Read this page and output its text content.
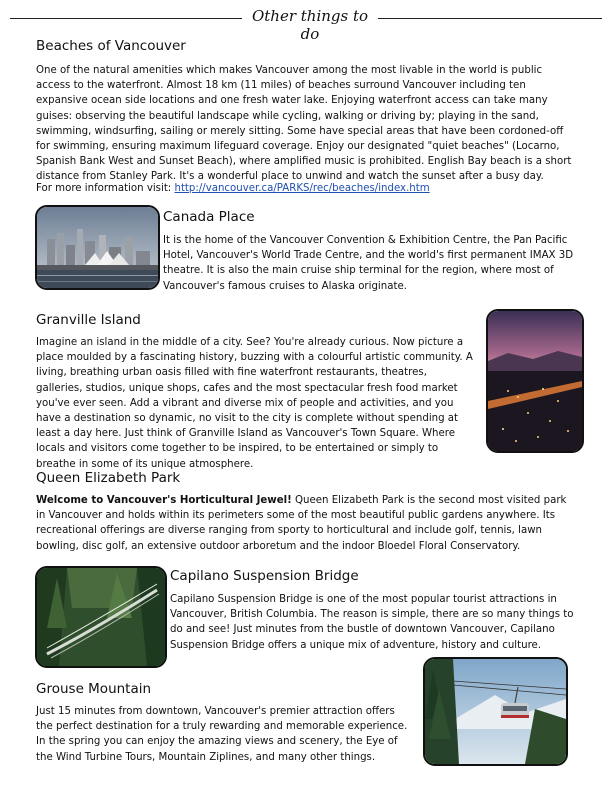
Other things to do
Beaches of Vancouver

One of the natural amenities which makes Vancouver among the most livable in the world is public access to the waterfront. Almost 18 km (11 miles) of beaches surround Vancouver including ten expansive ocean side locations and one fresh water lake. Enjoying waterfront access can take many guises: observing the beautiful landscape while cycling, walking or driving by; playing in the sand, swimming, windsurfing, sailing or merely sitting. Some have special areas that have been cordoned-off for swimming, ensuring maximum lifeguard coverage. Enjoy our designated "quiet beaches" (Locarno, Spanish Bank West and Sunset Beach), where amplified music is prohibited. English Bay beach is a short distance from Stanley Park. It's a wonderful place to unwind and watch the sunset after a busy day.

For more information visit: http://vancouver.ca/PARKS/rec/beaches/index.htm

Canada Place

It is the home of the Vancouver Convention & Exhibition Centre, the Pan Pacific Hotel, Vancouver's World Trade Centre, and the world's first permanent IMAX 3D theatre. It is also the main cruise ship terminal for the region, where most of Vancouver's famous cruises to Alaska originate.

Granville Island

Imagine an island in the middle of a city. See? You're already curious. Now picture a place moulded by a fascinating history, buzzing with a colourful artistic community. A living, breathing urban oasis filled with fine waterfront restaurants, theatres, galleries, studios, unique shops, cafes and the most spectacular fresh food market you've ever seen. Add a vibrant and diverse mix of people and activities, and you have a destination so dynamic, no visit to the city is complete without spending at least a day here. Just think of Granville Island as Vancouver's Town Square. Where locals and visitors come together to be inspired, to be entertained or simply to breathe in some of its unique atmosphere.

Queen Elizabeth Park

Welcome to Vancouver's Horticultural Jewel! Queen Elizabeth Park is the second most visited park in Vancouver and holds within its perimeters some of the most beautiful public gardens anywhere. Its recreational offerings are diverse ranging from sporty to horticultural and include golf, tennis, lawn bowling, disc golf, an extensive outdoor arboretum and the indoor Bloedel Floral Conservatory.

Capilano Suspension Bridge

Capilano Suspension Bridge is one of the most popular tourist attractions in Vancouver, British Columbia. The reason is simple, there are so many things to do and see! Just minutes from the bustle of downtown Vancouver, Capilano Suspension Bridge offers a unique mix of adventure, history and culture.

Grouse Mountain

Just 15 minutes from downtown, Vancouver's premier attraction offers the perfect destination for a truly rewarding and memorable experience. In the spring you can enjoy the amazing views and scenery, the Eye of the Wind Turbine Tours, Mountain Ziplines, and many other things.
